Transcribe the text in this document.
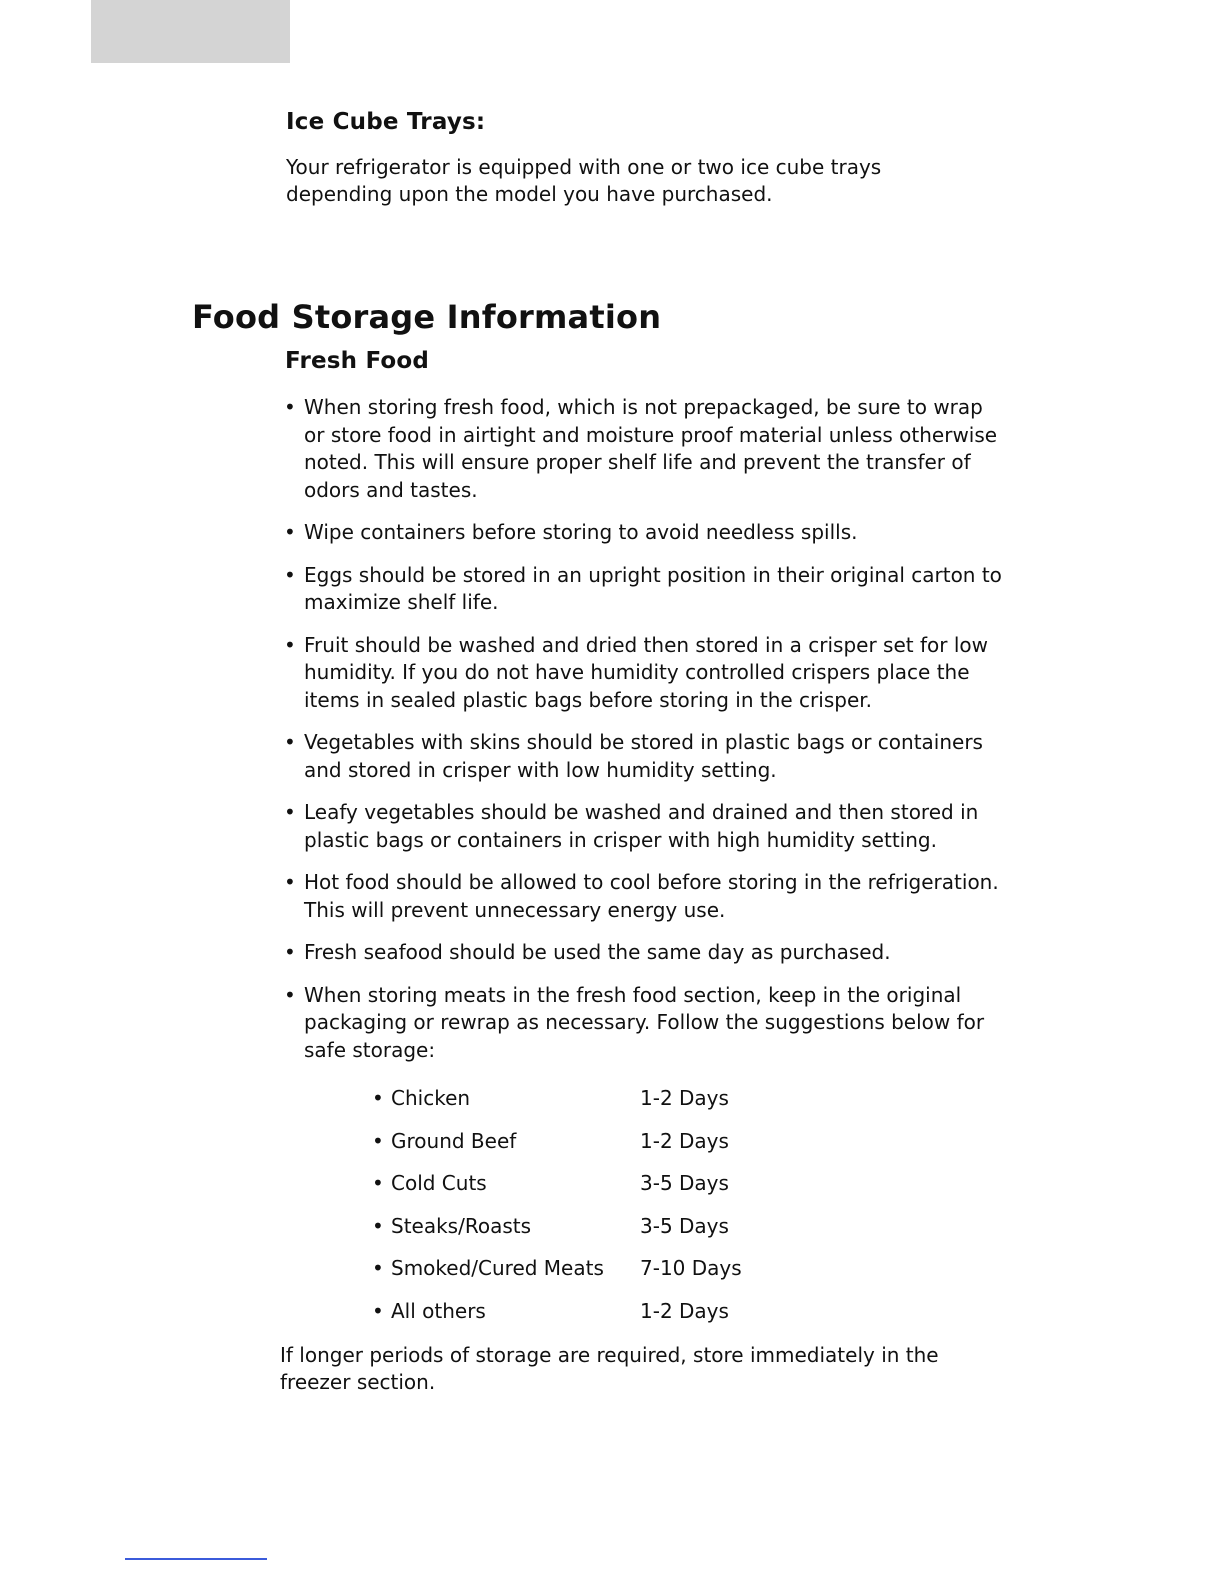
Ice Cube Trays:

Your refrigerator is equipped with one or two ice cube trays depending upon the model you have purchased.

Food Storage Information
Fresh Food
• When storing fresh food, which is not prepackaged, be sure to wrap or store food in airtight and moisture proof material unless otherwise noted. This will ensure proper shelf life and prevent the transfer of odors and tastes.
• Wipe containers before storing to avoid needless spills.
• Eggs should be stored in an upright position in their original carton to maximize shelf life.
• Fruit should be washed and dried then stored in a crisper set for low humidity. If you do not have humidity controlled crispers place the items in sealed plastic bags before storing in the crisper.
• Vegetables with skins should be stored in plastic bags or containers and stored in crisper with low humidity setting.
• Leafy vegetables should be washed and drained and then stored in plastic bags or containers in crisper with high humidity setting.
• Hot food should be allowed to cool before storing in the refrigeration. This will prevent unnecessary energy use.
• Fresh seafood should be used the same day as purchased.
• When storing meats in the fresh food section, keep in the original packaging or rewrap as necessary. Follow the suggestions below for safe storage:
• Chicken	1-2 Days
• Ground Beef	1-2 Days
• Cold Cuts	3-5 Days
• Steaks/Roasts	3-5 Days
• Smoked/Cured Meats 7-10 Days
• All others	1-2 Days

If longer periods of storage are required, store immediately in the freezer section.
